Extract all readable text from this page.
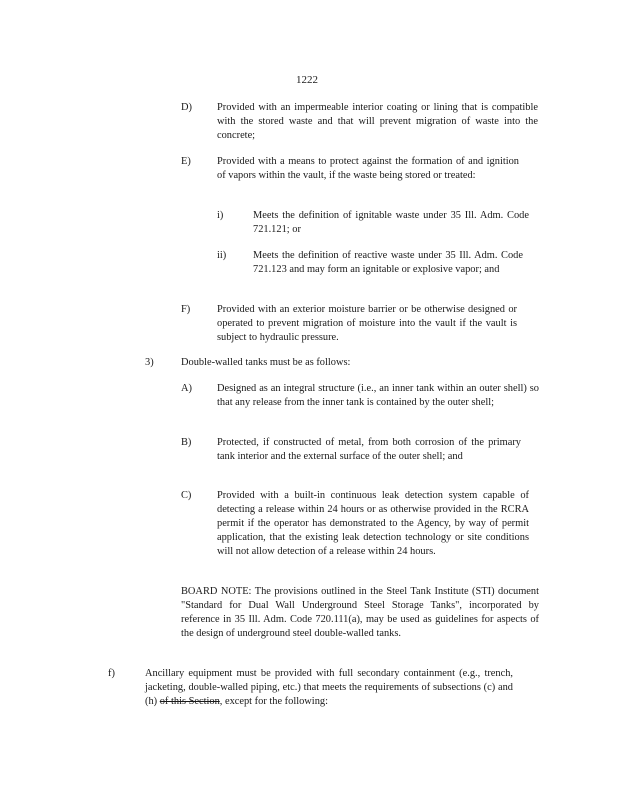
1222

D) Provided with an impermeable interior coating or lining that is compatible with the stored waste and that will prevent migration of waste into the concrete;

E)	Provided with a means to protect against the formation of and ignition of vapors within the vault, if the waste being stored or treated:

i)	Meets the definition of ignitable waste under 35 Ill. Adm. Code 721.121; or

ii)	Meets the definition of reactive waste under 35 Ill. Adm. Code 721.123 and may form an ignitable or explosive vapor; and

F)	Provided with an exterior moisture barrier or be otherwise designed or operated to prevent migration of moisture into the vault if the vault is subject to hydraulic pressure.

3)	Double-walled tanks must be as follows:

A) Designed as an integral structure (i.e., an inner tank within an outer shell) so that any release from the inner tank is contained by the outer shell;

B) Protected, if constructed of metal, from both corrosion of the primary tank interior and the external surface of the outer shell; and

C) Provided with a built-in continuous leak detection system capable of detecting a release within 24 hours or as otherwise provided in the RCRA permit if the operator has demonstrated to the Agency, by way of permit application, that the existing leak detection technology or site conditions will not allow detection of a release within 24 hours.

BOARD NOTE: The provisions outlined in the Steel Tank Institute (STI) document "Standard for Dual Wall Underground Steel Storage Tanks", incorporated by reference in 35 Ill. Adm. Code 720.111(a), may be used as guidelines for aspects of the design of underground steel double-walled tanks.

f)	Ancillary equipment must be provided with full secondary containment (e.g., trench, jacketing, double-walled piping, etc.) that meets the requirements of subsections (c) and (h) of this Section, except for the following:
